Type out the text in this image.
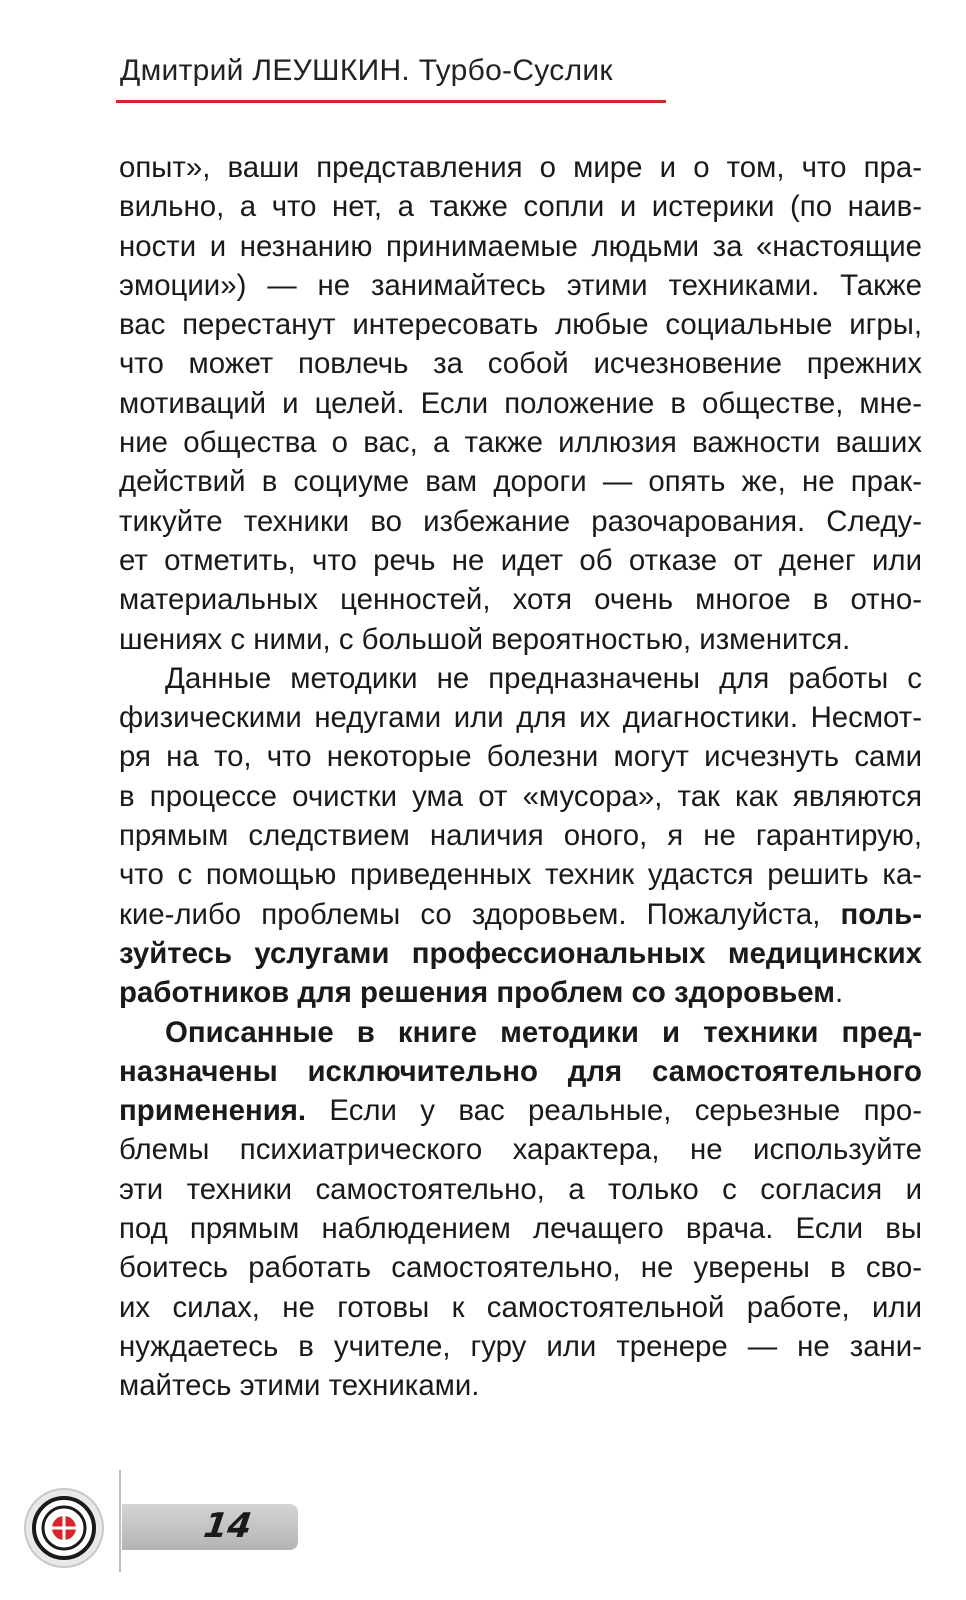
Дмитрий ЛЕУШКИН. Турбо-Суслик

опыт», ваши представления о мире и о том, что пра-
вильно, а что нет, а также сопли и истерики (по наив-
ности и незнанию принимаемые людьми за «настоящие
эмоции») — не занимайтесь этими техниками. Также
вас перестанут интересовать любые социальные игры,
что может повлечь за собой исчезновение прежних
мотиваций и целей. Если положение в обществе, мне-
ние общества о вас, а также иллюзия важности ваших
действий в социуме вам дороги — опять же, не прак-
тикуйте техники во избежание разочарования. Следу-
ет отметить, что речь не идет об отказе от денег или
материальных ценностей, хотя очень многое в отно-
шениях с ними, с большой вероятностью, изменится.

Данные методики не предназначены для работы с
физическими недугами или для их диагностики. Несмот-
ря на то, что некоторые болезни могут исчезнуть сами
в процессе очистки ума от «мусора», так как являются
прямым следствием наличия оного, я не гарантирую,
что с помощью приведенных техник удастся решить ка-
кие-либо проблемы со здоровьем. Пожалуйста, поль-
зуйтесь услугами профессиональных медицинских
работников для решения проблем со здоровьем.

Описанные в книге методики и техники пред-
назначены исключительно для самостоятельного
применения. Если у вас реальные, серьезные про-
блемы психиатрического характера, не используйте
эти техники самостоятельно, а только с согласия и
под прямым наблюдением лечащего врача. Если вы
боитесь работать самостоятельно, не уверены в сво-
их силах, не готовы к самостоятельной работе, или
нуждаетесь в учителе, гуру или тренере — не зани-
майтесь этими техниками.

14
